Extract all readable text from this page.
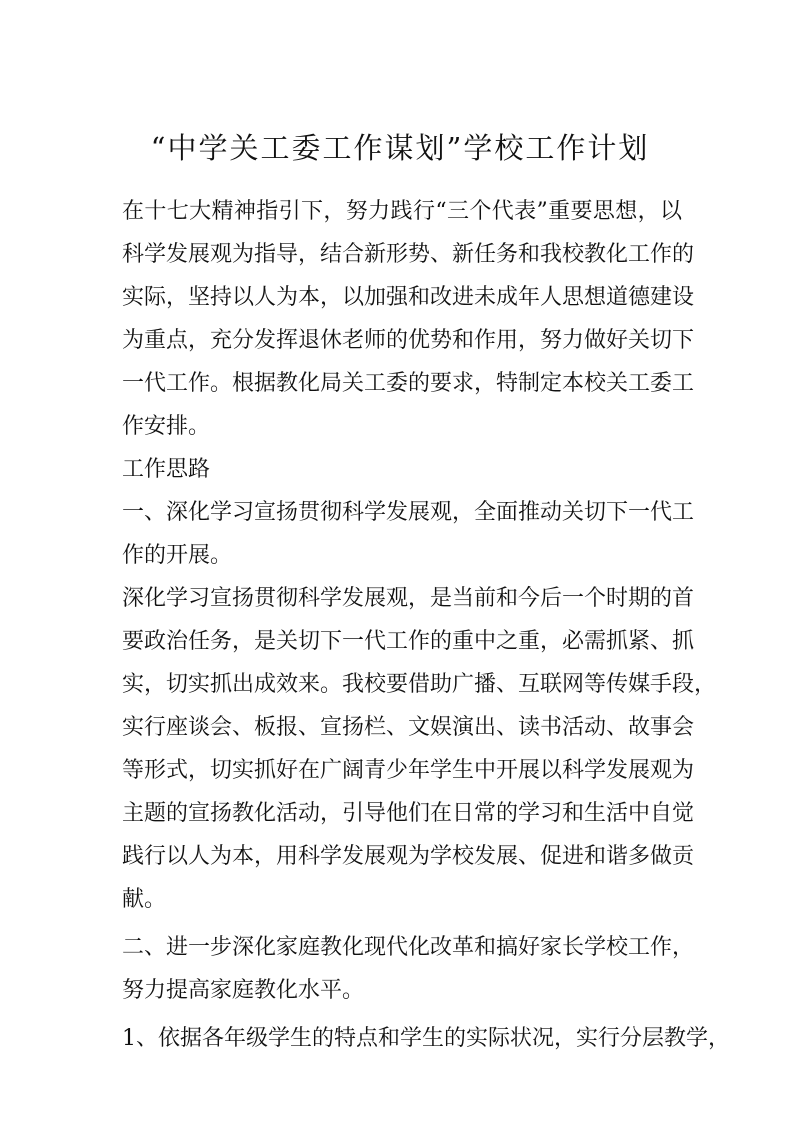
“中学关工委工作谋划”学校工作计划
在十七大精神指引下，努力践行“三个代表”重要思想，以
科学发展观为指导，结合新形势、新任务和我校教化工作的
实际，坚持以人为本，以加强和改进未成年人思想道德建设
为重点，充分发挥退休老师的优势和作用，努力做好关切下
一代工作。根据教化局关工委的要求，特制定本校关工委工
作安排。
工作思路
一、深化学习宣扬贯彻科学发展观，全面推动关切下一代工
作的开展。
深化学习宣扬贯彻科学发展观，是当前和今后一个时期的首
要政治任务，是关切下一代工作的重中之重，必需抓紧、抓
实，切实抓出成效来。我校要借助广播、互联网等传媒手段，
实行座谈会、板报、宣扬栏、文娱演出、读书活动、故事会
等形式，切实抓好在广阔青少年学生中开展以科学发展观为
主题的宣扬教化活动，引导他们在日常的学习和生活中自觉
践行以人为本，用科学发展观为学校发展、促进和谐多做贡
献。
二、进一步深化家庭教化现代化改革和搞好家长学校工作，
努力提高家庭教化水平。
1、依据各年级学生的特点和学生的实际状况，实行分层教学，
